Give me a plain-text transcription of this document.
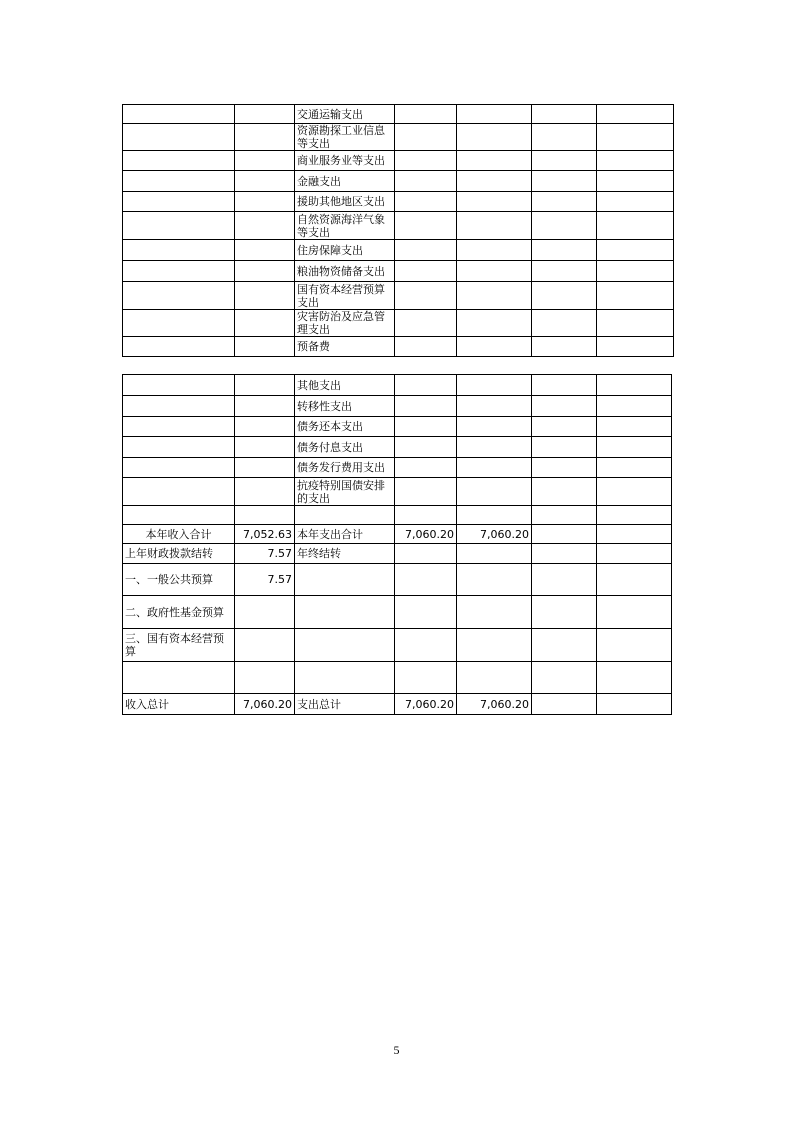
		交通运输支出				
		资源勘探工业信息等支出				
		商业服务业等支出				
		金融支出				
		援助其他地区支出				
		自然资源海洋气象等支出				
		住房保障支出				
		粮油物资储备支出				
		国有资本经营预算支出				
		灾害防治及应急管理支出				
		预备费				
		其他支出				
		转移性支出				
		债务还本支出				
		债务付息支出				
		债务发行费用支出				
		抗疫特别国债安排的支出				

本年收入合计	7,052.63	本年支出合计	7,060.20	7,060.20		
上年财政拨款结转	7.57	年终结转				
一、一般公共预算	7.57					
二、政府性基金预算						
三、国有资本经营预算						

收入总计	7,060.20	支出总计	7,060.20	7,060.20		
5
